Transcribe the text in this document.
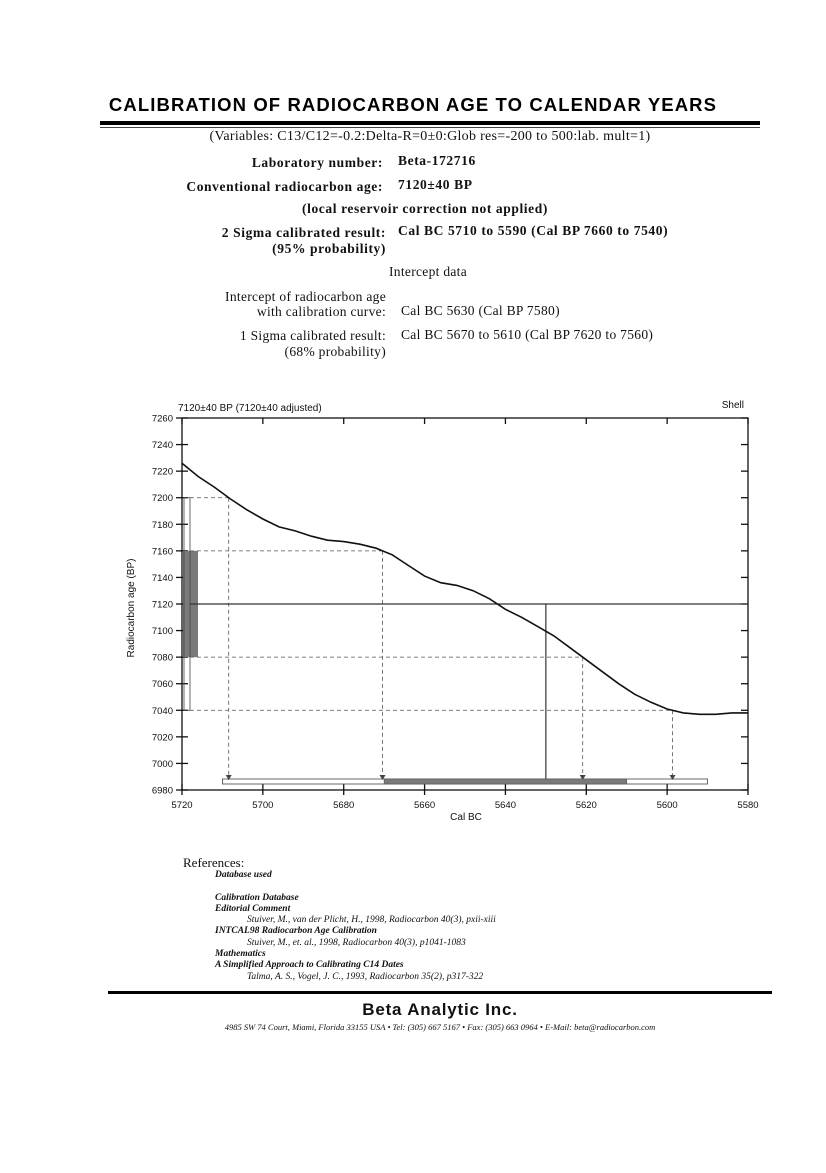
CALIBRATION OF RADIOCARBON AGE TO CALENDAR YEARS
(Variables: C13/C12=-0.2:Delta-R=0±0:Glob res=-200 to 500:lab. mult=1)
Laboratory number: Beta-172716
Conventional radiocarbon age: 7120±40 BP
(local reservoir correction not applied)
2 Sigma calibrated result:
(95% probability)
Cal BC 5710 to 5590 (Cal BP 7660 to 7540)
Intercept data
Intercept of radiocarbon age
with calibration curve: Cal BC 5630 (Cal BP 7580)
1 Sigma calibrated result:
(68% probability)
Cal BC 5670 to 5610 (Cal BP 7620 to 7560)
7120±40 BP (7120±40 adjusted)	Shell
Cal BC
Radiocarbon age (BP)
7260
7240
7220
7200
7180
7160
7140
7120
7100
7080
7060
7040
7020
7000
6980
5720	5700	5680	5660	5640	5620	5600	5580
References:
Database used
Calibration Database
Editorial Comment
Stuiver, M., van der Plicht, H., 1998, Radiocarbon 40(3), pxii-xiii
INTCAL98 Radiocarbon Age Calibration
Stuiver, M., et. al., 1998, Radiocarbon 40(3), p1041-1083
Mathematics
A Simplified Approach to Calibrating C14 Dates
Talma, A. S., Vogel, J. C., 1993, Radiocarbon 35(2), p317-322
Beta Analytic Inc.
4985 SW 74 Court, Miami, Florida 33155 USA • Tel: (305) 667 5167 • Fax: (305) 663 0964 • E-Mail: beta@radiocarbon.com
